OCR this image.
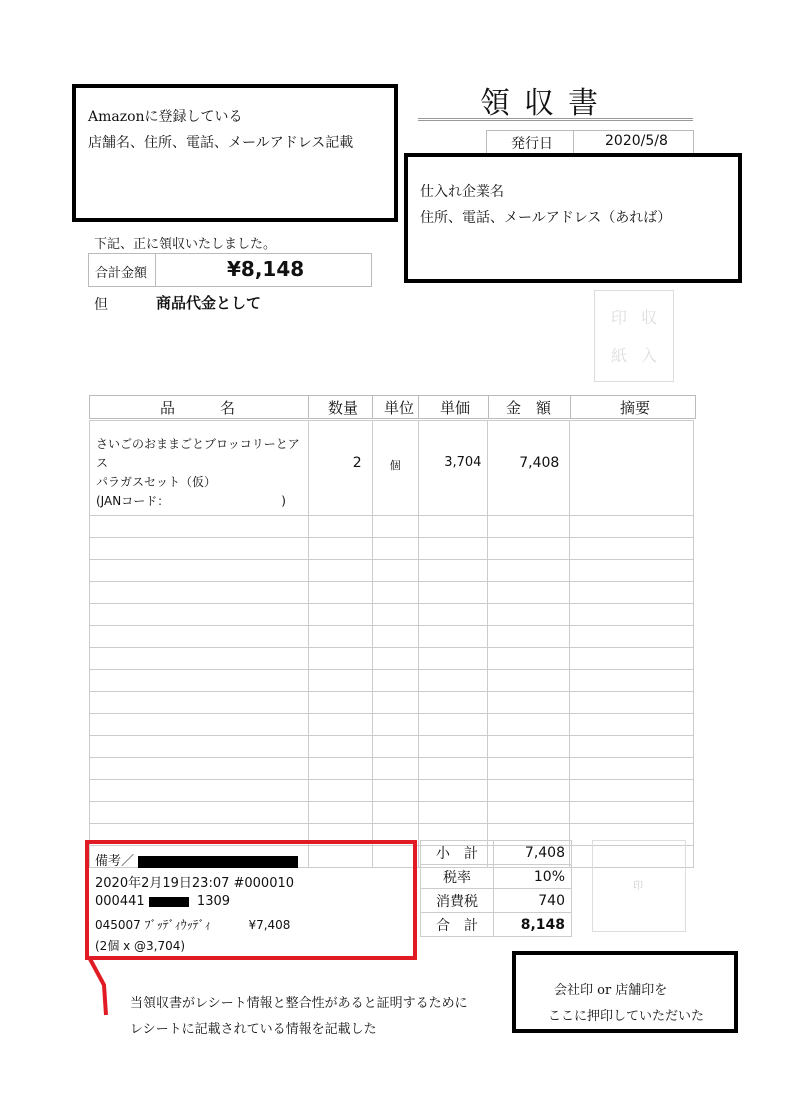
Amazonに登録している
店舗名、住所、電話、メールアドレス記載
領収書
発行日	2020/5/8
仕入れ企業名
住所、電話、メールアドレス（あれば）
下記、正に領収いたしました。
合計金額	¥8,148
但	商品代金として
印 収
紙 入
品　　　名	数量 単位 単価 金　額	摘要
さいごのおままごとブロッコリーとアス
パラガスセット（仮）
(JANコード： )	2	個	3,704	7,408	

備考／
2020年2月19日23:07 #000010
000441	1309
045007 ﾌﾞｯﾃﾞｨｳｯﾃﾞｨ	¥7,408
(2個 x @3,704)
小　計	7,408
税率	10%
消費税	740
合　計	8,148
印
当領収書がレシート情報と整合性があると証明するために
レシートに記載されている情報を記載した
会社印 or 店舗印を
ここに押印していただいた
